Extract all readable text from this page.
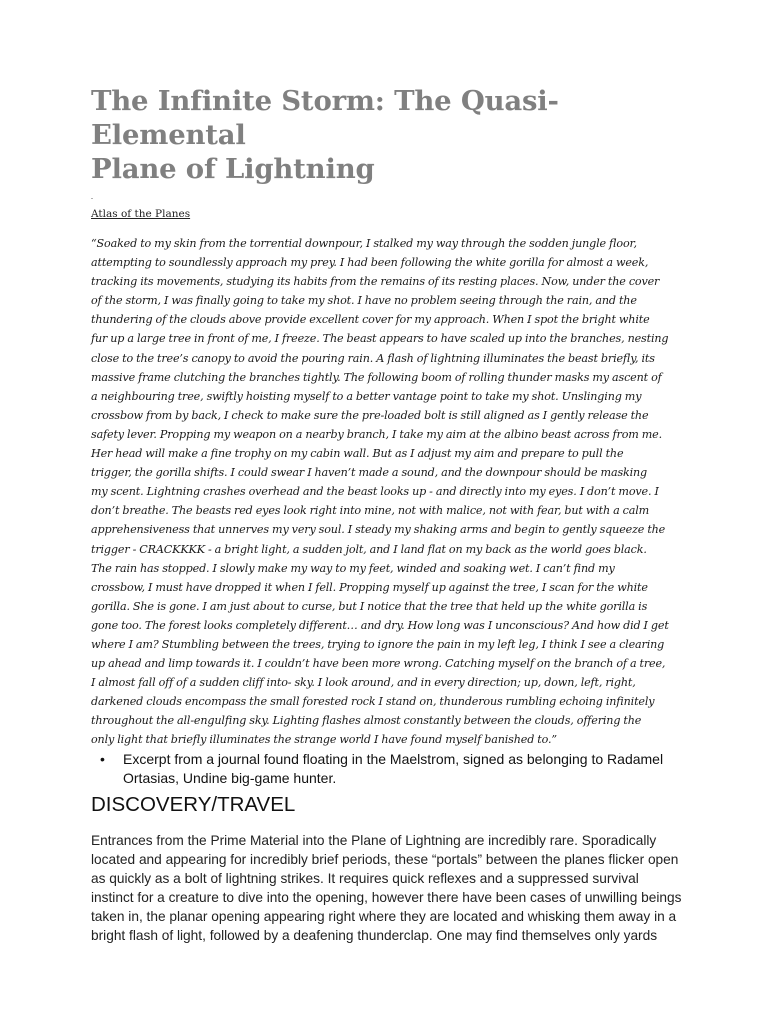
The Infinite Storm: The Quasi-Elemental
Plane of Lightning
.
Atlas of the Planes
“Soaked to my skin from the torrential downpour, I stalked my way through the sodden jungle floor,
attempting to soundlessly approach my prey. I had been following the white gorilla for almost a week,
tracking its movements, studying its habits from the remains of its resting places. Now, under the cover
of the storm, I was finally going to take my shot. I have no problem seeing through the rain, and the
thundering of the clouds above provide excellent cover for my approach. When I spot the bright white
fur up a large tree in front of me, I freeze. The beast appears to have scaled up into the branches, nesting
close to the tree’s canopy to avoid the pouring rain. A flash of lightning illuminates the beast briefly, its
massive frame clutching the branches tightly. The following boom of rolling thunder masks my ascent of
a neighbouring tree, swiftly hoisting myself to a better vantage point to take my shot. Unslinging my
crossbow from by back, I check to make sure the pre-loaded bolt is still aligned as I gently release the
safety lever. Propping my weapon on a nearby branch, I take my aim at the albino beast across from me.
Her head will make a fine trophy on my cabin wall. But as I adjust my aim and prepare to pull the
trigger, the gorilla shifts. I could swear I haven’t made a sound, and the downpour should be masking
my scent. Lightning crashes overhead and the beast looks up - and directly into my eyes. I don’t move. I
don’t breathe. The beasts red eyes look right into mine, not with malice, not with fear, but with a calm
apprehensiveness that unnerves my very soul. I steady my shaking arms and begin to gently squeeze the
trigger - CRACKKKK - a bright light, a sudden jolt, and I land flat on my back as the world goes black.
The rain has stopped. I slowly make my way to my feet, winded and soaking wet. I can’t find my
crossbow, I must have dropped it when I fell. Propping myself up against the tree, I scan for the white
gorilla. She is gone. I am just about to curse, but I notice that the tree that held up the white gorilla is
gone too. The forest looks completely different… and dry. How long was I unconscious? And how did I get
where I am? Stumbling between the trees, trying to ignore the pain in my left leg, I think I see a clearing
up ahead and limp towards it. I couldn’t have been more wrong. Catching myself on the branch of a tree,
I almost fall off of a sudden cliff into- sky. I look around, and in every direction; up, down, left, right,
darkened clouds encompass the small forested rock I stand on, thunderous rumbling echoing infinitely
throughout the all-engulfing sky. Lighting flashes almost constantly between the clouds, offering the
only light that briefly illuminates the strange world I have found myself banished to.”
• Excerpt from a journal found floating in the Maelstrom, signed as belonging to Radamel
Ortasias, Undine big-game hunter.
DISCOVERY/TRAVEL
Entrances from the Prime Material into the Plane of Lightning are incredibly rare. Sporadically
located and appearing for incredibly brief periods, these “portals” between the planes flicker open
as quickly as a bolt of lightning strikes. It requires quick reflexes and a suppressed survival
instinct for a creature to dive into the opening, however there have been cases of unwilling beings
taken in, the planar opening appearing right where they are located and whisking them away in a
bright flash of light, followed by a deafening thunderclap. One may find themselves only yards
